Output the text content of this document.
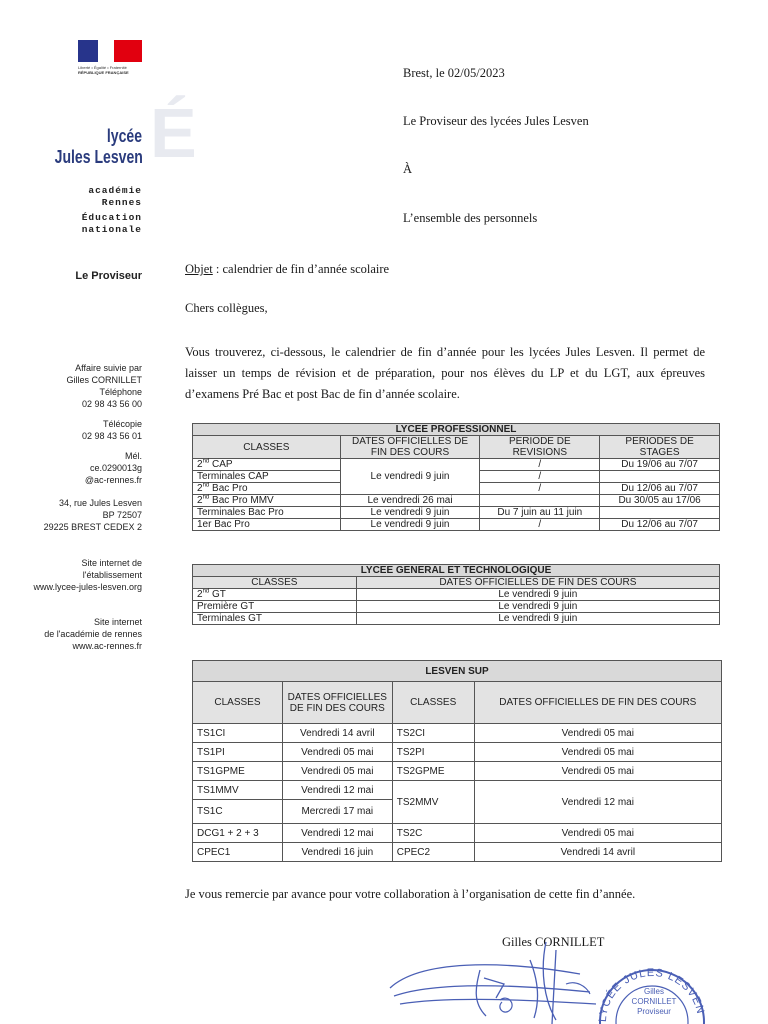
Liberté • Égalité • Fraternité
RÉPUBLIQUE FRANÇAISE
É
lycée
Jules Lesven
académie
Rennes
Éducation
nationale
Le Proviseur
Affaire suivie par
Gilles CORNILLET
Téléphone
02 98 43 56 00
Télécopie
02 98 43 56 01
Mél.
ce.0290013g
@ac-rennes.fr
34, rue Jules Lesven
BP 72507
29225 BREST CEDEX 2
Site internet de
l'établissement
www.lycee-jules-lesven.org
Site internet
de l'académie de rennes
www.ac-rennes.fr
Brest, le 02/05/2023
Le Proviseur des lycées Jules Lesven
À
L’ensemble des personnels
Objet : calendrier de fin d’année scolaire
Chers collègues,
Vous trouverez, ci-dessous, le calendrier de fin d’année pour les lycées Jules Lesven. Il permet de laisser un temps de révision et de préparation, pour nos élèves du LP et du LGT, aux épreuves d’examens Pré Bac et post Bac de fin d’année scolaire.
LYCEE PROFESSIONNEL			
CLASSES	DATES OFFICIELLES DE FIN DES COURS	PERIODE DE REVISIONS	PERIODES DE STAGES
2nd CAP	Le vendredi 9 juin	/	Du 19/06 au 7/07
Terminales CAP		/	
2nd Bac Pro		/	Du 12/06 au 7/07
2nd Bac Pro MMV	Le vendredi 26 mai		Du 30/05 au 17/06
Terminales Bac Pro	Le vendredi 9 juin	Du 7 juin au 11 juin	
1er Bac Pro	Le vendredi 9 juin	/	Du 12/06 au 7/07
LYCEE GENERAL ET TECHNOLOGIQUE	
CLASSES	DATES OFFICIELLES DE FIN DES COURS
2nd GT	Le vendredi 9 juin
Première GT	Le vendredi 9 juin
Terminales GT	Le vendredi 9 juin
LESVEN SUP			
CLASSES	DATES OFFICIELLES DE FIN DES COURS	CLASSES	DATES OFFICIELLES DE FIN DES COURS
TS1CI	Vendredi 14 avril	TS2CI	Vendredi 05 mai
TS1PI	Vendredi 05 mai	TS2PI	Vendredi 05 mai
TS1GPME	Vendredi 05 mai	TS2GPME	Vendredi 05 mai
TS1MMV	Vendredi 12 mai	TS2MMV	Vendredi 12 mai
TS1C	Mercredi 17 mai		
DCG1 + 2 + 3	Vendredi 12 mai	TS2C	Vendredi 05 mai
CPEC1	Vendredi 16 juin	CPEC2	Vendredi 14 avril
Je vous remercie par avance pour votre collaboration à l’organisation de cette fin d’année.
Gilles CORNILLET
LYCÉE JULES LESVEN
Gilles
CORNILLET
Proviseur
